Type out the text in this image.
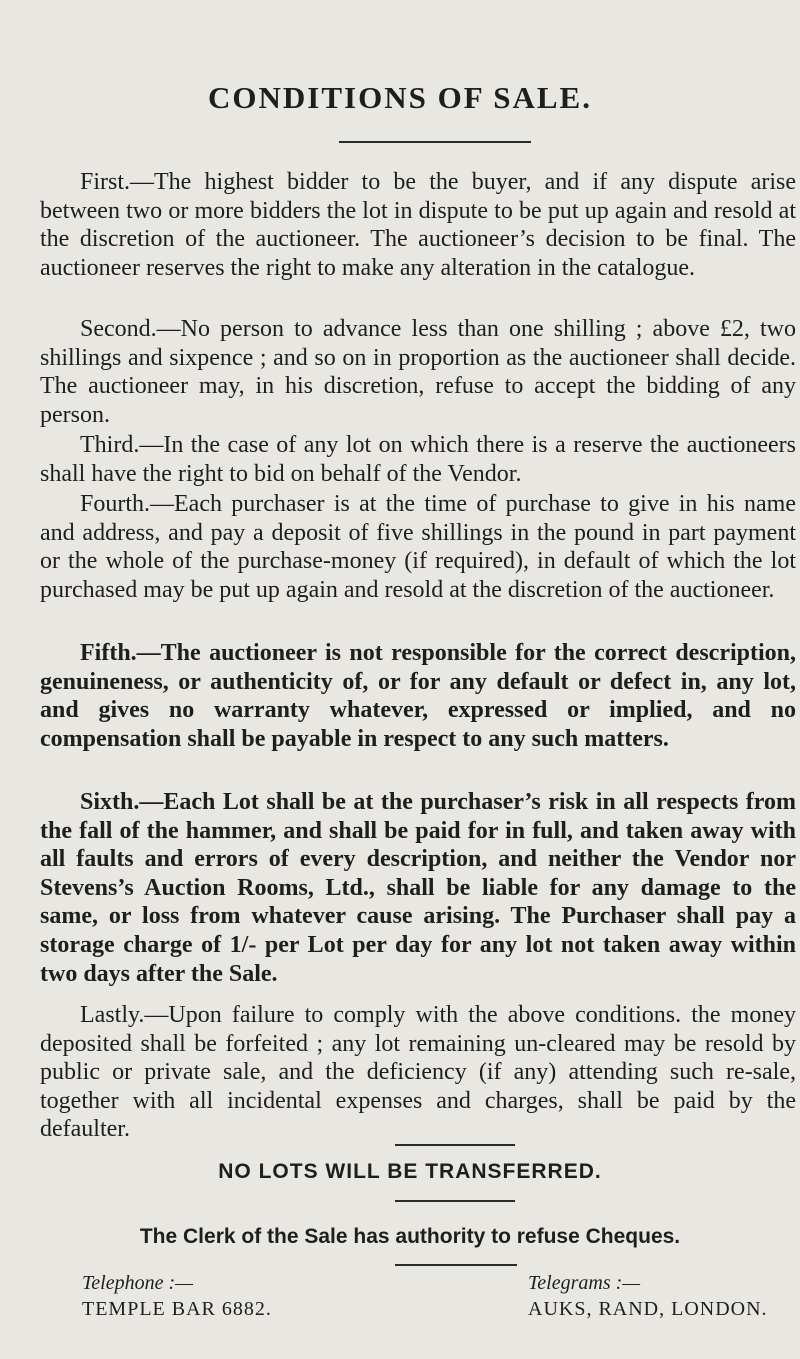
CONDITIONS OF SALE.

First.—The highest bidder to be the buyer, and if any dispute arise between two or more bidders the lot in dispute to be put up again and resold at the discretion of the auctioneer. The auctioneer’s decision to be final. The auctioneer reserves the right to make any alteration in the catalogue.

Second.—No person to advance less than one shilling ; above £2, two shillings and sixpence ; and so on in proportion as the auctioneer shall decide. The auctioneer may, in his discretion, refuse to accept the bidding of any person.

Third.—In the case of any lot on which there is a reserve the auctioneers shall have the right to bid on behalf of the Vendor.

Fourth.—Each purchaser is at the time of purchase to give in his name and address, and pay a deposit of five shillings in the pound in part payment or the whole of the purchase-money (if required), in default of which the lot purchased may be put up again and resold at the discretion of the auctioneer.

Fifth.—The auctioneer is not responsible for the correct description, genuineness, or authenticity of, or for any default or defect in, any lot, and gives no warranty whatever, expressed or implied, and no compensation shall be payable in respect to any such matters.

Sixth.—Each Lot shall be at the purchaser’s risk in all respects from the fall of the hammer, and shall be paid for in full, and taken away with all faults and errors of every description, and neither the Vendor nor Stevens’s Auction Rooms, Ltd., shall be liable for any damage to the same, or loss from whatever cause arising. The Purchaser shall pay a storage charge of 1/- per Lot per day for any lot not taken away within two days after the Sale.

Lastly.—Upon failure to comply with the above conditions. the money deposited shall be forfeited ; any lot remaining un-cleared may be resold by public or private sale, and the deficiency (if any) attending such re-sale, together with all incidental expenses and charges, shall be paid by the defaulter.

NO LOTS WILL BE TRANSFERRED.

The Clerk of the Sale has authority to refuse Cheques.

Telephone :—
TEMPLE BAR 6882.
Telegrams :—
AUKS, RAND, LONDON.
